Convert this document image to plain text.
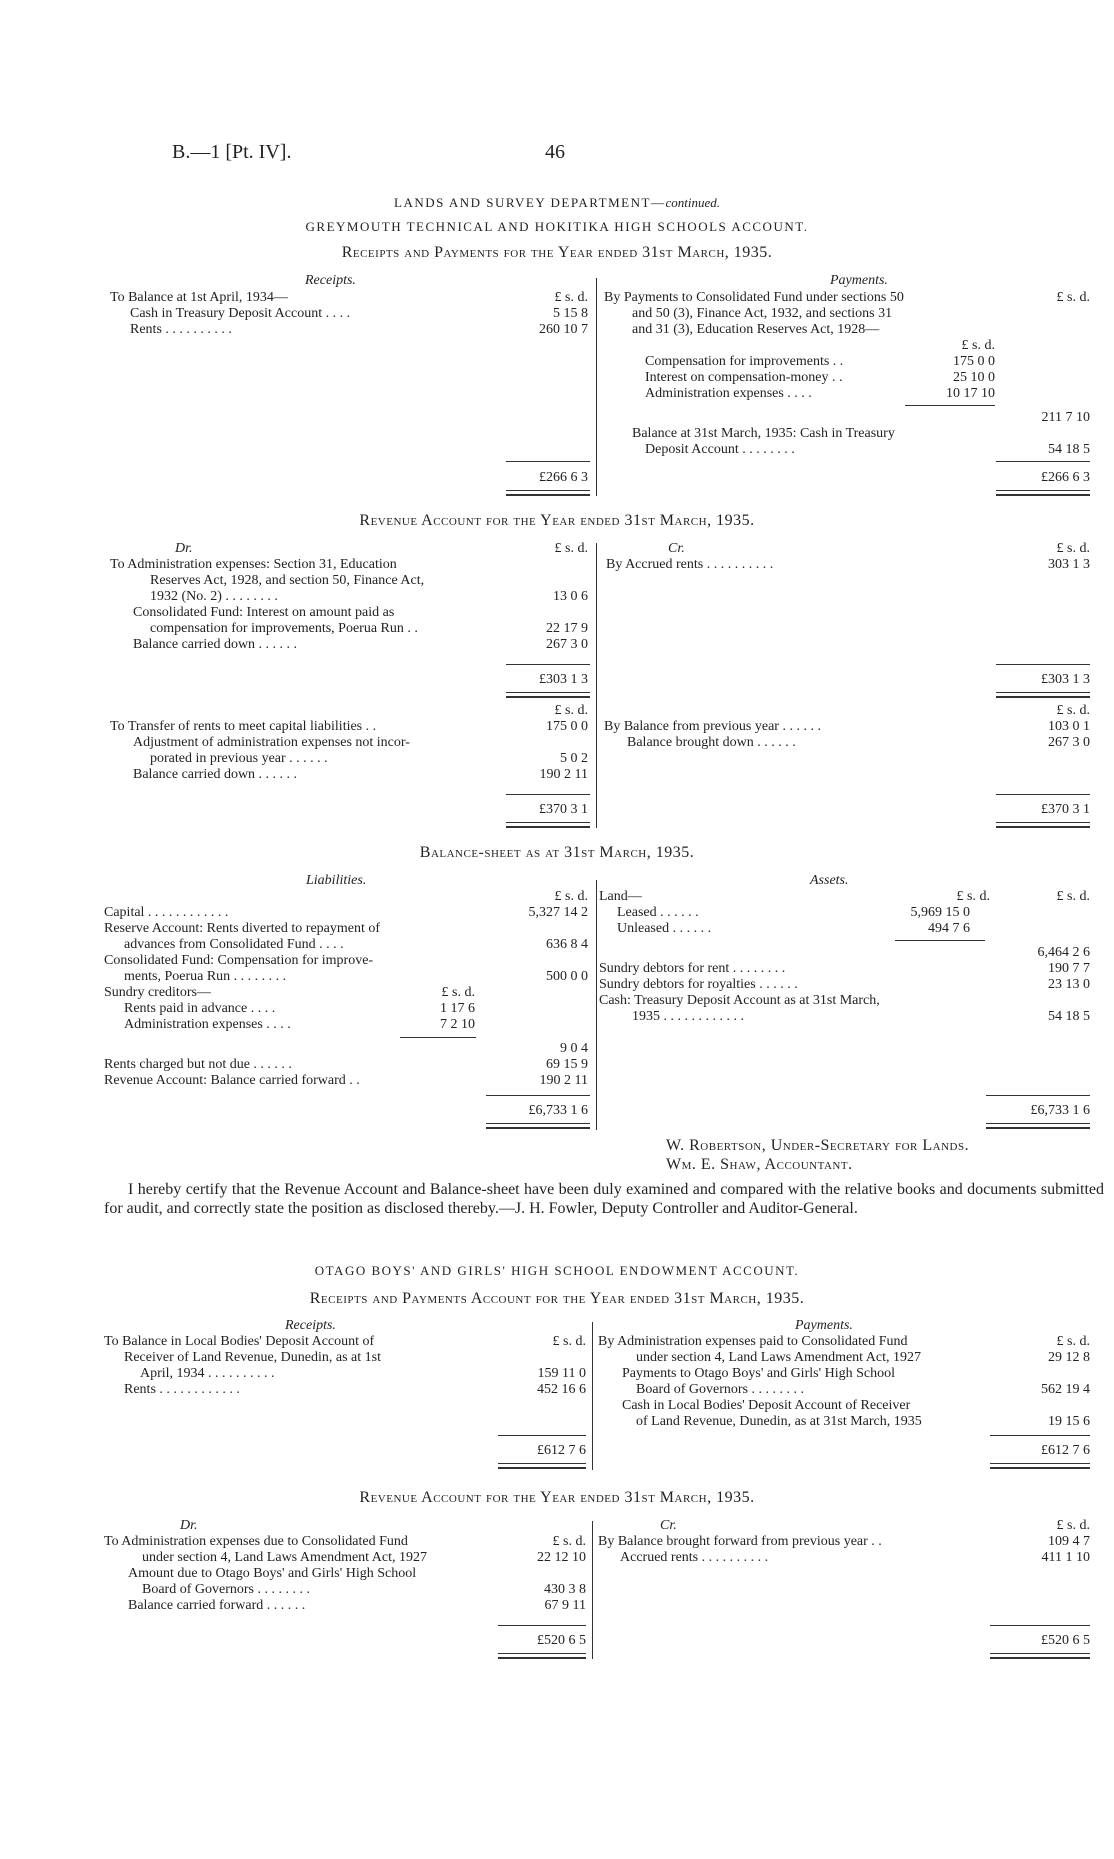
B.—1 [Pt. IV].	46
LANDS AND SURVEY DEPARTMENT—continued.
GREYMOUTH TECHNICAL AND HOKITIKA HIGH SCHOOLS ACCOUNT.
Receipts and Payments for the Year ended 31st March, 1935.
Receipts.	Payments.
£ s. d.
To Balance at 1st April, 1934—
Cash in Treasury Deposit Account . . . .	5 15 8
Rents . . . . . . . . . .	260 10 7
£266 6 3
By Payments to Consolidated Fund under sections 50	£ s. d.
and 50 (3), Finance Act, 1932, and sections 31
and 31 (3), Education Reserves Act, 1928—
£ s. d.
Compensation for improvements . .	175 0 0
Interest on compensation-money . .	25 10 0
Administration expenses . . . .	10 17 10
211 7 10
Balance at 31st March, 1935: Cash in Treasury
Deposit Account . . . . . . . .	54 18 5
£266 6 3
Revenue Account for the Year ended 31st March, 1935.
Dr.	£ s. d.	Cr.	£ s. d.
To Administration expenses: Section 31, Education
Reserves Act, 1928, and section 50, Finance Act,
1932 (No. 2) . . . . . . . .	13 0 6
Consolidated Fund: Interest on amount paid as
compensation for improvements, Poerua Run . .	22 17 9
Balance carried down . . . . . .	267 3 0
£303 1 3
By Accrued rents . . . . . . . . . .	303 1 3
£303 1 3
£ s. d.	£ s. d.
To Transfer of rents to meet capital liabilities . .	175 0 0
Adjustment of administration expenses not incor-
porated in previous year . . . . . .	5 0 2
Balance carried down . . . . . .	190 2 11
£370 3 1
By Balance from previous year . . . . . .	103 0 1
Balance brought down . . . . . .	267 3 0
£370 3 1
Balance-sheet as at 31st March, 1935.
Liabilities.
£ s. d.
Capital . . . . . . . . . . . .	5,327 14 2
Reserve Account: Rents diverted to repayment of
advances from Consolidated Fund . . . .	636 8 4
Consolidated Fund: Compensation for improve-
ments, Poerua Run . . . . . . . .	500 0 0
Sundry creditors—	£ s. d.
Rents paid in advance . . . .	1 17 6
Administration expenses . . . .	7 2 10
9 0 4
Rents charged but not due . . . . . .	69 15 9
Revenue Account: Balance carried forward . .	190 2 11
£6,733 1 6
Assets.
£ s. d.	£ s. d.
Land—
Leased . . . . . .	5,969 15 0
Unleased . . . . . .	494 7 6
6,464 2 6
Sundry debtors for rent . . . . . . . .	190 7 7
Sundry debtors for royalties . . . . . .	23 13 0
Cash: Treasury Deposit Account as at 31st March,
1935 . . . . . . . . . . . .	54 18 5
£6,733 1 6
W. Robertson, Under-Secretary for Lands.
Wm. E. Shaw, Accountant.
I hereby certify that the Revenue Account and Balance-sheet have been duly examined and compared with the relative books and documents submitted for audit, and correctly state the position as disclosed thereby.—J. H. Fowler, Deputy Controller and Auditor-General.
OTAGO BOYS' AND GIRLS' HIGH SCHOOL ENDOWMENT ACCOUNT.
Receipts and Payments Account for the Year ended 31st March, 1935.
Receipts.	Payments.
To Balance in Local Bodies' Deposit Account of	£ s. d.
Receiver of Land Revenue, Dunedin, as at 1st
April, 1934 . . . . . . . . . .	159 11 0
Rents . . . . . . . . . . . .	452 16 6
£612 7 6
By Administration expenses paid to Consolidated Fund	£ s. d.
under section 4, Land Laws Amendment Act, 1927	29 12 8
Payments to Otago Boys' and Girls' High School
Board of Governors . . . . . . . .	562 19 4
Cash in Local Bodies' Deposit Account of Receiver
of Land Revenue, Dunedin, as at 31st March, 1935	19 15 6
£612 7 6
Revenue Account for the Year ended 31st March, 1935.
Dr.	Cr.	£ s. d.
To Administration expenses due to Consolidated Fund	£ s. d.
under section 4, Land Laws Amendment Act, 1927	22 12 10
Amount due to Otago Boys' and Girls' High School
Board of Governors . . . . . . . .	430 3 8
Balance carried forward . . . . . .	67 9 11
£520 6 5
By Balance brought forward from previous year . .	109 4 7
Accrued rents . . . . . . . . . .	411 1 10
£520 6 5
